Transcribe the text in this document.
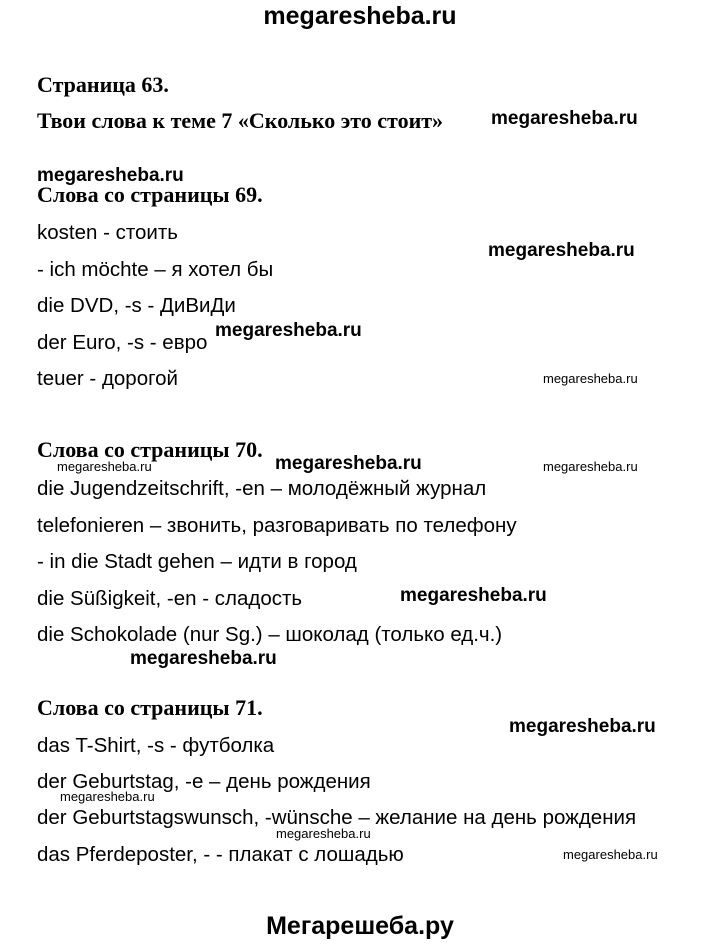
megaresheba.ru
Страница 63.
Твои слова к теме 7 «Сколько это стоит»
Слова со страницы 69.
kosten - стоить
- ich möchte – я хотел бы
die DVD, -s - ДиВиДи
der Euro, -s - евро
teuer - дорогой
Слова со страницы 70.
die Jugendzeitschrift, -en – молодёжный журнал
telefonieren – звонить, разговаривать по телефону
- in die Stadt gehen – идти в город
die Süßigkeit, -en - сладость
die Schokolade (nur Sg.) – шоколад (только ед.ч.)
Слова со страницы 71.
das T-Shirt, -s - футболка
der Geburtstag, -e – день рождения
der Geburtstagswunsch, -wünsche – желание на день рождения
das Pferdeposter, - - плакат с лошадью
megaresheba.ru
megaresheba.ru
megaresheba.ru
megaresheba.ru
megaresheba.ru
megaresheba.ru
megaresheba.ru
megaresheba.ru
megaresheba.ru
megaresheba.ru	megaresheba.ru
megaresheba.ru
megaresheba.ru
megaresheba.ru
Мегарешеба.ру
